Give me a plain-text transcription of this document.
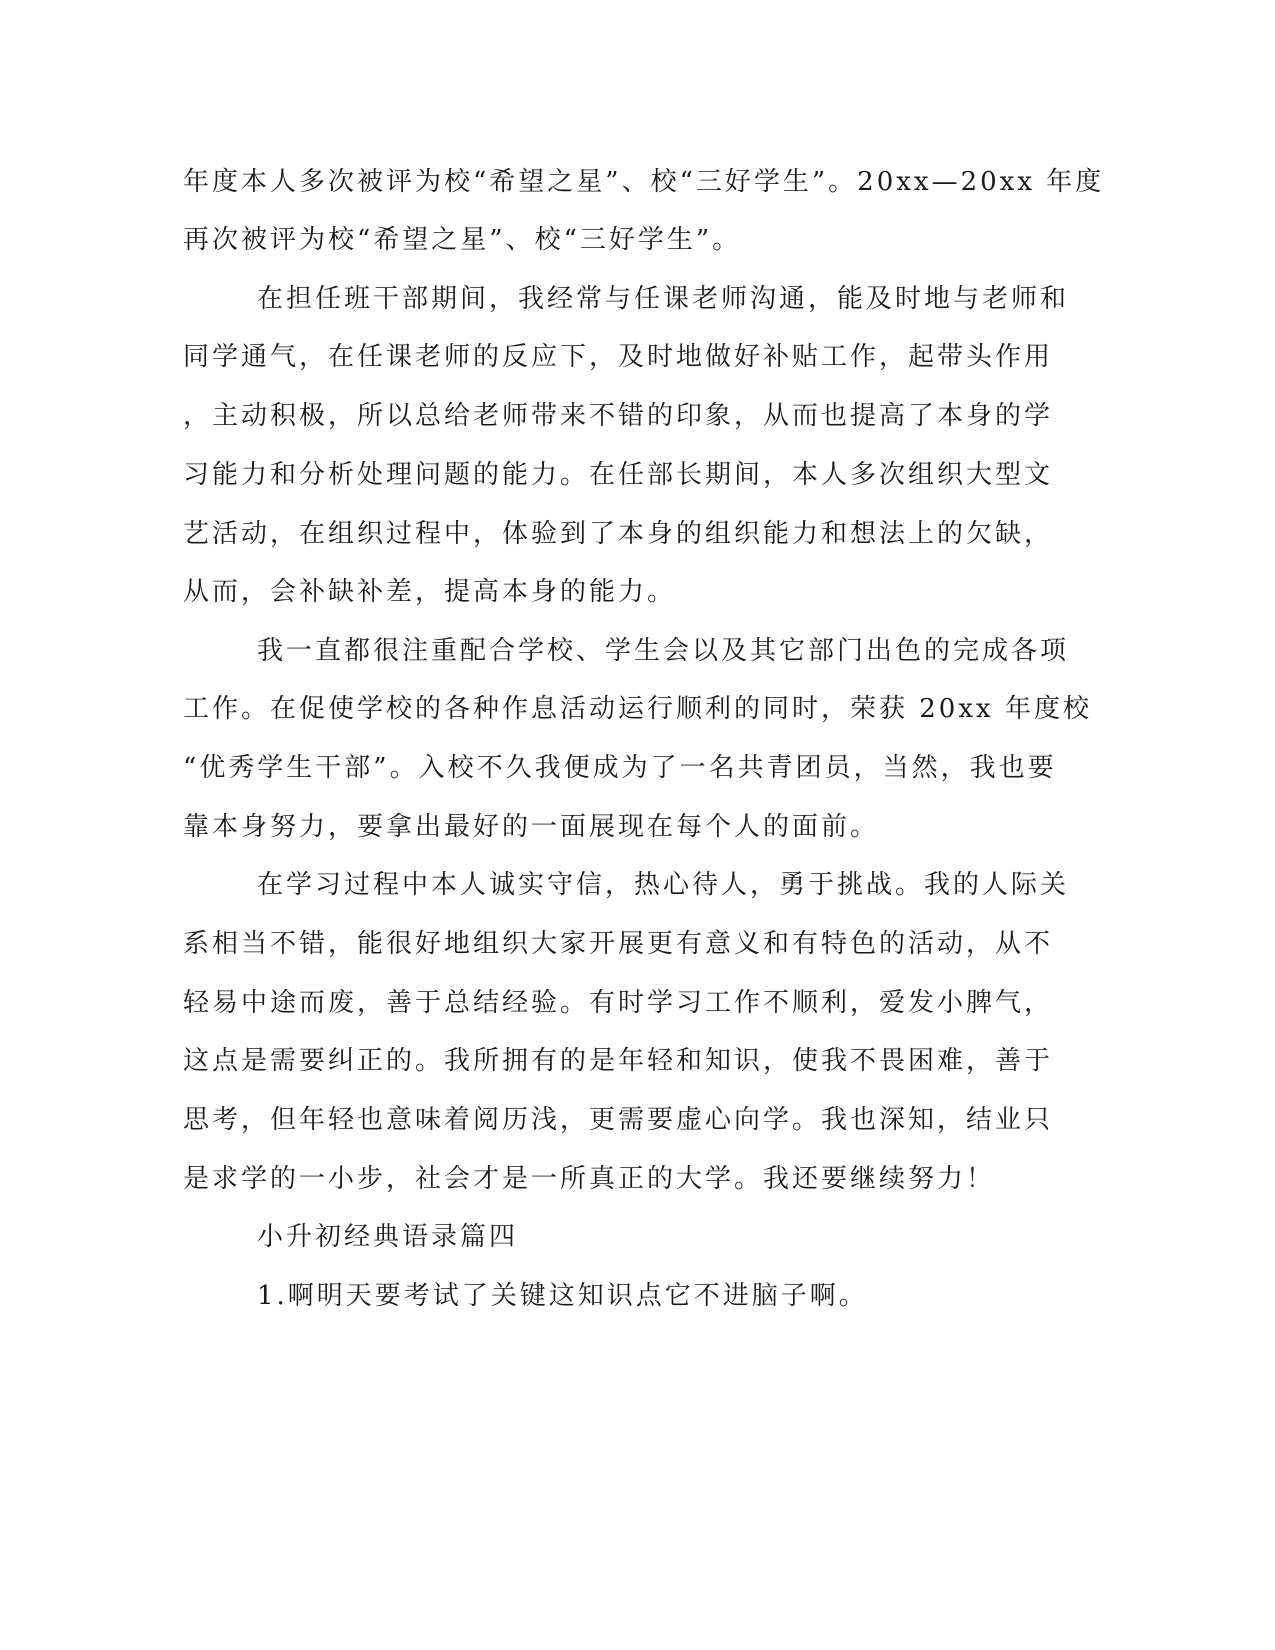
年度本人多次被评为校“希望之星”、校“三好学生”。20xx—20xx 年度
再次被评为校“希望之星”、校“三好学生”。
在担任班干部期间，我经常与任课老师沟通，能及时地与老师和
同学通气，在任课老师的反应下，及时地做好补贴工作，起带头作用
，主动积极，所以总给老师带来不错的印象，从而也提高了本身的学
习能力和分析处理问题的能力。在任部长期间，本人多次组织大型文
艺活动，在组织过程中，体验到了本身的组织能力和想法上的欠缺，
从而，会补缺补差，提高本身的能力。
我一直都很注重配合学校、学生会以及其它部门出色的完成各项
工作。在促使学校的各种作息活动运行顺利的同时，荣获 20xx 年度校
“优秀学生干部”。入校不久我便成为了一名共青团员，当然，我也要
靠本身努力，要拿出最好的一面展现在每个人的面前。
在学习过程中本人诚实守信，热心待人，勇于挑战。我的人际关
系相当不错，能很好地组织大家开展更有意义和有特色的活动，从不
轻易中途而废，善于总结经验。有时学习工作不顺利，爱发小脾气，
这点是需要纠正的。我所拥有的是年轻和知识，使我不畏困难，善于
思考，但年轻也意味着阅历浅，更需要虚心向学。我也深知，结业只
是求学的一小步，社会才是一所真正的大学。我还要继续努力！
小升初经典语录篇四
1.啊明天要考试了关键这知识点它不进脑子啊。
